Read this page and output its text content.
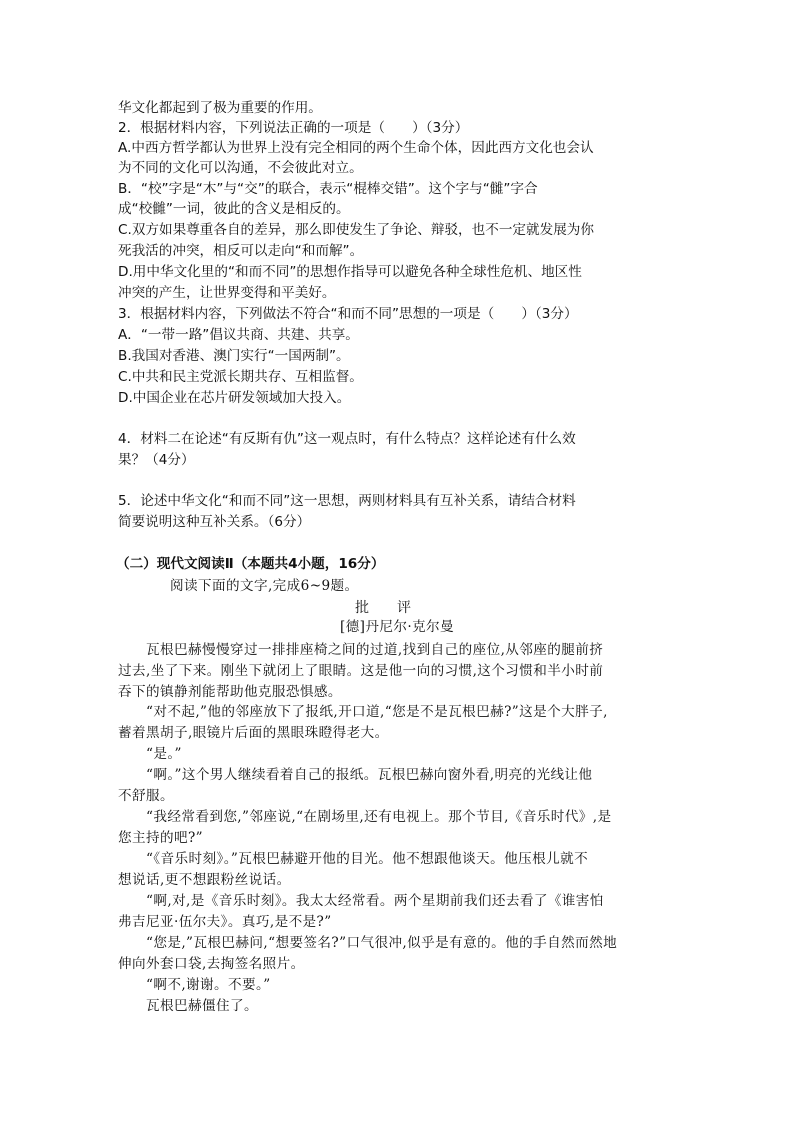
华文化都起到了极为重要的作用。
2．根据材料内容，下列说法正确的一项是（　　）（3分）
A.中西方哲学都认为世界上没有完全相同的两个生命个体，因此西方文化也会认
为不同的文化可以沟通，不会彼此对立。
B．“校”字是“木”与“交”的联合，表示“棍棒交错”。这个字与“雠”字合
成“校雠”一词，彼此的含义是相反的。
C.双方如果尊重各自的差异，那么即使发生了争论、辩驳，也不一定就发展为你
死我活的冲突，相反可以走向“和而解”。
D.用中华文化里的“和而不同”的思想作指导可以避免各种全球性危机、地区性
冲突的产生，让世界变得和平美好。
3．根据材料内容，下列做法不符合“和而不同”思想的一项是（　　）（3分）
A．“一带一路”倡议共商、共建、共享。
B.我国对香港、澳门实行“一国两制”。
C.中共和民主党派长期共存、互相监督。
D.中国企业在芯片研发领域加大投入。
4．材料二在论述“有反斯有仇”这一观点时，有什么特点？这样论述有什么效
果？（4分）
5．论述中华文化“和而不同”这一思想，两则材料具有互补关系，请结合材料
简要说明这种互补关系。（6分）
（二）现代文阅读Ⅱ（本题共4小题，16分）
阅读下面的文字,完成6~9题。
批评
[德]丹尼尔·克尔曼
瓦根巴赫慢慢穿过一排排座椅之间的过道,找到自己的座位,从邻座的腿前挤
过去,坐了下来。刚坐下就闭上了眼睛。这是他一向的习惯,这个习惯和半小时前
吞下的镇静剂能帮助他克服恐惧感。
“对不起,”他的邻座放下了报纸,开口道,“您是不是瓦根巴赫?”这是个大胖子,
蓄着黑胡子,眼镜片后面的黑眼珠瞪得老大。
“是。”
“啊。”这个男人继续看着自己的报纸。瓦根巴赫向窗外看,明亮的光线让他
不舒服。
“我经常看到您,”邻座说,“在剧场里,还有电视上。那个节目,《音乐时代》,是
您主持的吧?”
“《音乐时刻》。”瓦根巴赫避开他的目光。他不想跟他谈天。他压根儿就不
想说话,更不想跟粉丝说话。
“啊,对,是《音乐时刻》。我太太经常看。两个星期前我们还去看了《谁害怕
弗吉尼亚·伍尔夫》。真巧,是不是?”
“您是,”瓦根巴赫问,“想要签名?”口气很冲,似乎是有意的。他的手自然而然地
伸向外套口袋,去掏签名照片。
“啊不,谢谢。不要。”
瓦根巴赫僵住了。
